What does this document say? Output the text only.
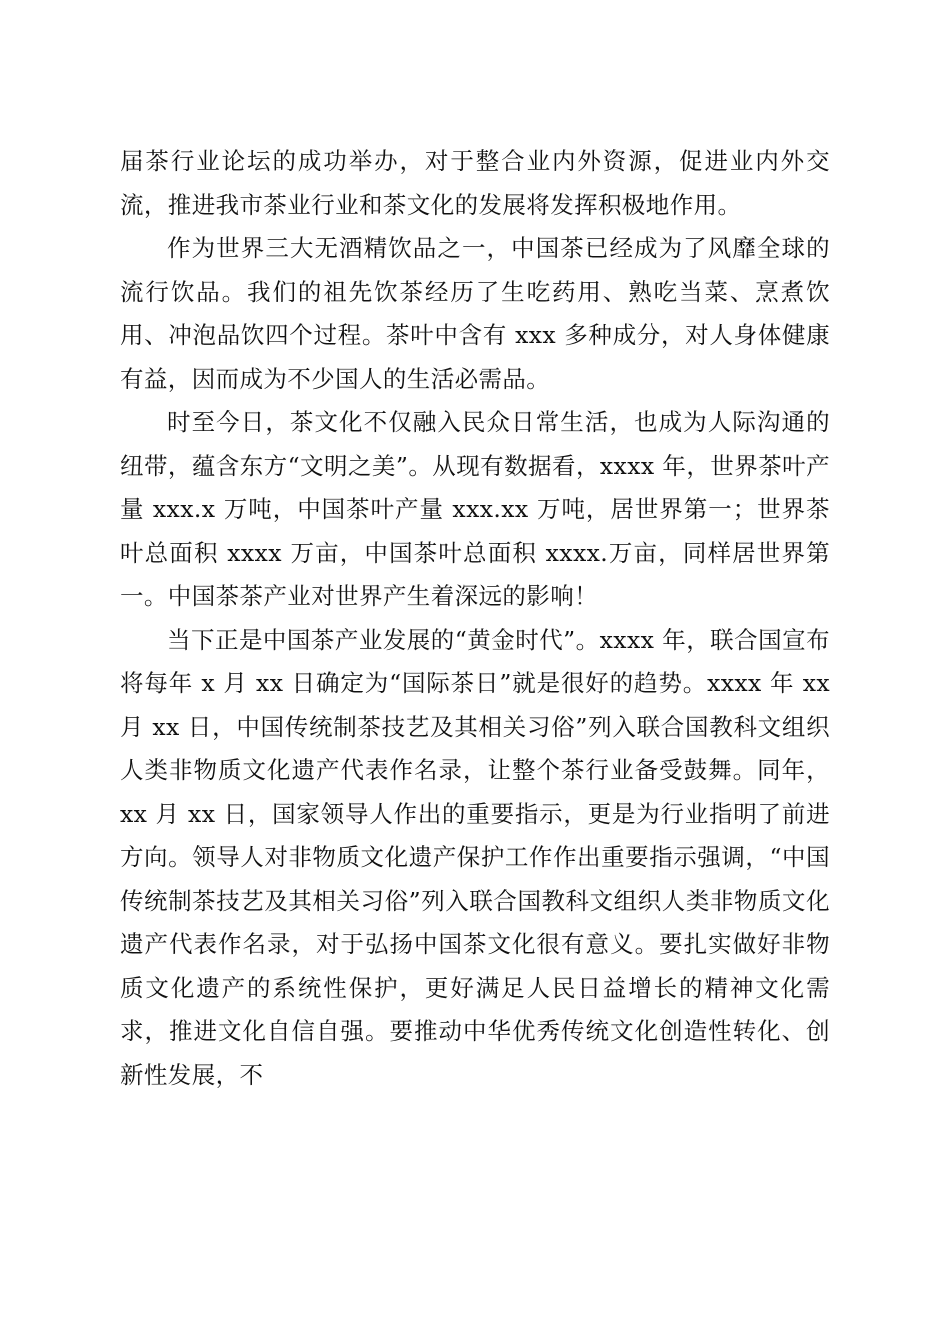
届茶行业论坛的成功举办，对于整合业内外资源，促进业内外交流，推进我市茶业行业和茶文化的发展将发挥积极地作用。

作为世界三大无酒精饮品之一，中国茶已经成为了风靡全球的流行饮品。我们的祖先饮茶经历了生吃药用、熟吃当菜、烹煮饮用、冲泡品饮四个过程。茶叶中含有 xxx 多种成分，对人身体健康有益，因而成为不少国人的生活必需品。

时至今日，茶文化不仅融入民众日常生活，也成为人际沟通的纽带，蕴含东方“文明之美”。从现有数据看，xxxx 年，世界茶叶产量 xxx.x 万吨，中国茶叶产量 xxx.xx 万吨，居世界第一；世界茶叶总面积 xxxx 万亩，中国茶叶总面积 xxxx.万亩，同样居世界第一。中国茶茶产业对世界产生着深远的影响！

当下正是中国茶产业发展的“黄金时代”。xxxx 年，联合国宣布将每年 x 月 xx 日确定为“国际茶日”就是很好的趋势。xxxx 年 xx 月 xx 日，中国传统制茶技艺及其相关习俗”列入联合国教科文组织人类非物质文化遗产代表作名录，让整个茶行业备受鼓舞。同年，xx 月 xx 日，国家领导人作出的重要指示，更是为行业指明了前进方向。领导人对非物质文化遗产保护工作作出重要指示强调，“中国传统制茶技艺及其相关习俗”列入联合国教科文组织人类非物质文化遗产代表作名录，对于弘扬中国茶文化很有意义。要扎实做好非物质文化遗产的系统性保护，更好满足人民日益增长的精神文化需求，推进文化自信自强。要推动中华优秀传统文化创造性转化、创新性发展，不
